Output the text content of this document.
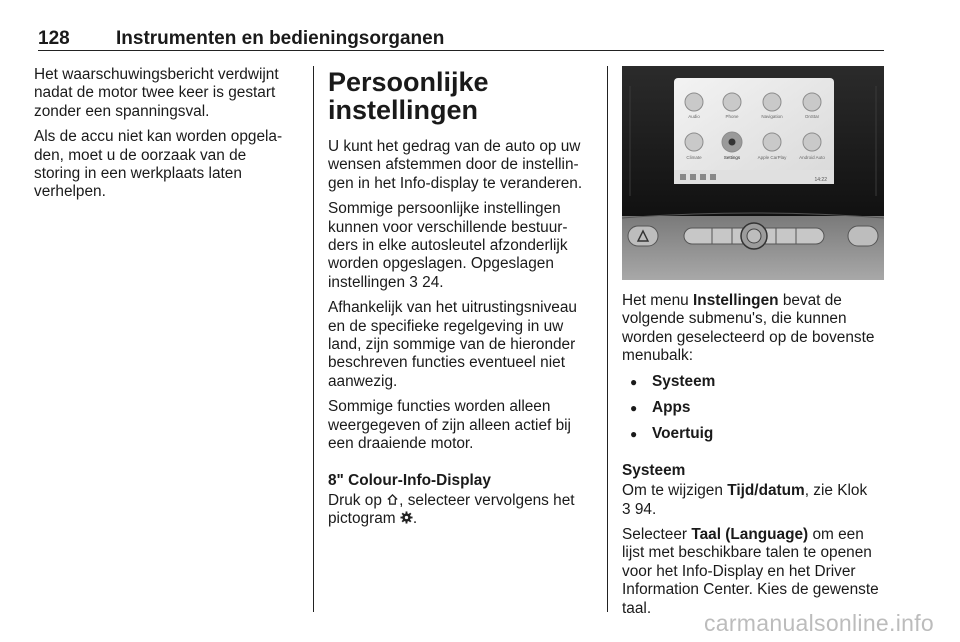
128 Instrumenten en bedieningsorganen

Het waarschuwingsbericht verdwijnt nadat de motor twee keer is gestart zonder een spanningsval.

Als de accu niet kan worden opgela-den, moet u de oorzaak van de storing in een werkplaats laten verhelpen.

Persoonlijke instellingen

U kunt het gedrag van de auto op uw wensen afstemmen door de instellin-gen in het Info-display te veranderen.

Sommige persoonlijke instellingen kunnen voor verschillende bestuur-ders in elke autosleutel afzonderlijk worden opgeslagen. Opgeslagen instellingen 3 24.

Afhankelijk van het uitrustingsniveau en de specifieke regelgeving in uw land, zijn sommige van de hieronder beschreven functies eventueel niet aanwezig.

Sommige functies worden alleen weergegeven of zijn alleen actief bij een draaiende motor.

8" Colour-Info-Display

Druk op , selecteer vervolgens het pictogram .

Audio	Phone	Navigation	OnStar
Climate	Settings	Apple CarPlay	Android Auto
14:22

Het menu Instellingen bevat de volgende submenu's, die kunnen worden geselecteerd op de bovenste menubalk:

● Systeem
● Apps
● Voertuig
Systeem

Om te wijzigen Tijd/datum, zie Klok
3 94.

Selecteer Taal (Language) om een lijst met beschikbare talen te openen voor het Info-Display en het Driver Information Center. Kies de gewenste taal.

carmanualsonline.info
